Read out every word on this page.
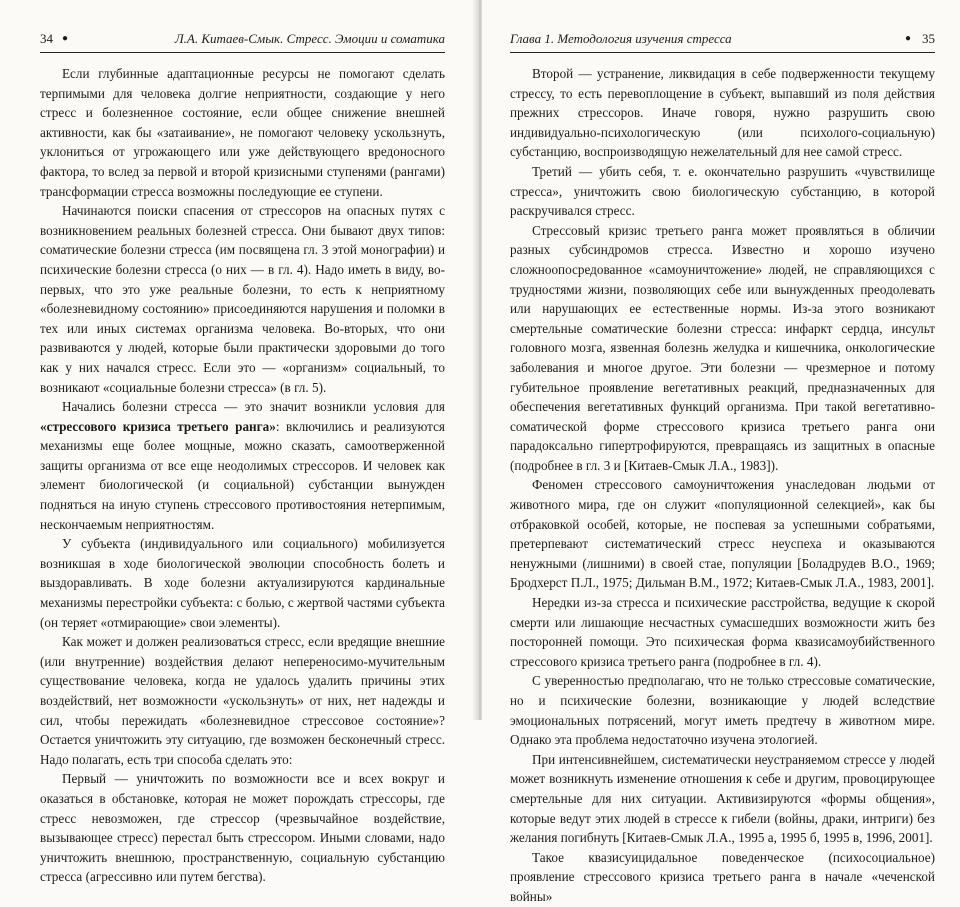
34 ●	Л.А. Китаев-Смык. Стресс. Эмоции и соматика

Если глубинные адаптационные ресурсы не помогают сделать терпимыми для человека долгие неприятности, создающие у него стресс и болезненное состояние, если общее снижение внешней активности, как бы «затаивание», не помогают человеку ускользнуть, уклониться от угрожающего или уже действующего вредоносного фактора, то вслед за первой и второй кризисными ступенями (рангами) трансформации стресса возможны последующие ее ступени.

Начинаются поиски спасения от стрессоров на опасных путях с возникновением реальных болезней стресса. Они бывают двух типов: соматические болезни стресса (им посвящена гл. 3 этой монографии) и психические болезни стресса (о них — в гл. 4). Надо иметь в виду, во-первых, что это уже реальные болезни, то есть к неприятному «болезневидному состоянию» присоединяются нарушения и поломки в тех или иных системах организма человека. Во-вторых, что они развиваются у людей, которые были практически здоровыми до того как у них начался стресс. Если это — «организм» социальный, то возникают «социальные болезни стресса» (в гл. 5).

Начались болезни стресса — это значит возникли условия для «стрессового кризиса третьего ранга»: включились и реализуются механизмы еще более мощные, можно сказать, самоотверженной защиты организма от все еще неодолимых стрессоров. И человек как элемент биологической (и социальной) субстанции вынужден подняться на иную ступень стрессового противостояния нетерпимым, нескончаемым неприятностям.

У субъекта (индивидуального или социального) мобилизуется возникшая в ходе биологической эволюции способность болеть и выздоравливать. В ходе болезни актуализируются кардинальные механизмы перестройки субъекта: с болью, с жертвой частями субъекта (он теряет «отмирающие» свои элементы).

Как может и должен реализоваться стресс, если вредящие внешние (или внутренние) воздействия делают непереносимо-мучительным существование человека, когда не удалось удалить причины этих воздействий, нет возможности «ускользнуть» от них, нет надежды и сил, чтобы пережидать «болезневидное стрессовое состояние»? Остается уничтожить эту ситуацию, где возможен бесконечный стресс. Надо полагать, есть три способа сделать это:

Первый — уничтожить по возможности все и всех вокруг и оказаться в обстановке, которая не может порождать стрессоры, где стресс невозможен, где стрессор (чрезвычайное воздействие, вызывающее стресс) перестал быть стрессором. Иными словами, надо уничтожить внешнюю, пространственную, социальную субстанцию стресса (агрессивно или путем бегства).

Глава 1. Методология изучения стресса	● 35

Второй — устранение, ликвидация в себе подверженности текущему стрессу, то есть перевоплощение в субъект, выпавший из поля действия прежних стрессоров. Иначе говоря, нужно разрушить свою индивидуально-психологическую (или психолого-социальную) субстанцию, воспроизводящую нежелательный для нее самой стресс.

Третий — убить себя, т. е. окончательно разрушить «чувствилище стресса», уничтожить свою биологическую субстанцию, в которой раскручивался стресс.

Стрессовый кризис третьего ранга может проявляться в обличии разных субсиндромов стресса. Известно и хорошо изучено сложноопосредованное «самоуничтожение» людей, не справляющихся с трудностями жизни, позволяющих себе или вынужденных преодолевать или нарушающих ее естественные нормы. Из-за этого возникают смертельные соматические болезни стресса: инфаркт сердца, инсульт головного мозга, язвенная болезнь желудка и кишечника, онкологические заболевания и многое другое. Эти болезни — чрезмерное и потому губительное проявление вегетативных реакций, предназначенных для обеспечения вегетативных функций организма. При такой вегетативно-соматической форме стрессового кризиса третьего ранга они парадоксально гипертрофируются, превращаясь из защитных в опасные (подробнее в гл. 3 и [Китаев-Смык Л.А., 1983]).

Феномен стрессового самоуничтожения унаследован людьми от животного мира, где он служит «популяционной селекцией», как бы отбраковкой особей, которые, не поспевая за успешными собратьями, претерпевают систематический стресс неуспеха и оказываются ненужными (лишними) в своей стае, популяции [Боладрудев В.О., 1969; Бродхерст П.Л., 1975; Дильман В.М., 1972; Китаев-Смык Л.А., 1983, 2001].

Нередки из-за стресса и психические расстройства, ведущие к скорой смерти или лишающие несчастных сумасшедших возможности жить без посторонней помощи. Это психическая форма квазисамоубийственного стрессового кризиса третьего ранга (подробнее в гл. 4).

С уверенностью предполагаю, что не только стрессовые соматические, но и психические болезни, возникающие у людей вследствие эмоциональных потрясений, могут иметь предтечу в животном мире. Однако эта проблема недостаточно изучена этологией.

При интенсивнейшем, систематически неустраняемом стрессе у людей может возникнуть изменение отношения к себе и другим, провоцирующее смертельные для них ситуации. Активизируются «формы общения», которые ведут этих людей в стрессе к гибели (войны, драки, интриги) без желания погибнуть [Китаев-Смык Л.А., 1995 а, 1995 б, 1995 в, 1996, 2001].

Такое квазисуицидальное поведенческое (психосоциальное) проявление стрессового кризиса третьего ранга в начале «чеченской войны»
